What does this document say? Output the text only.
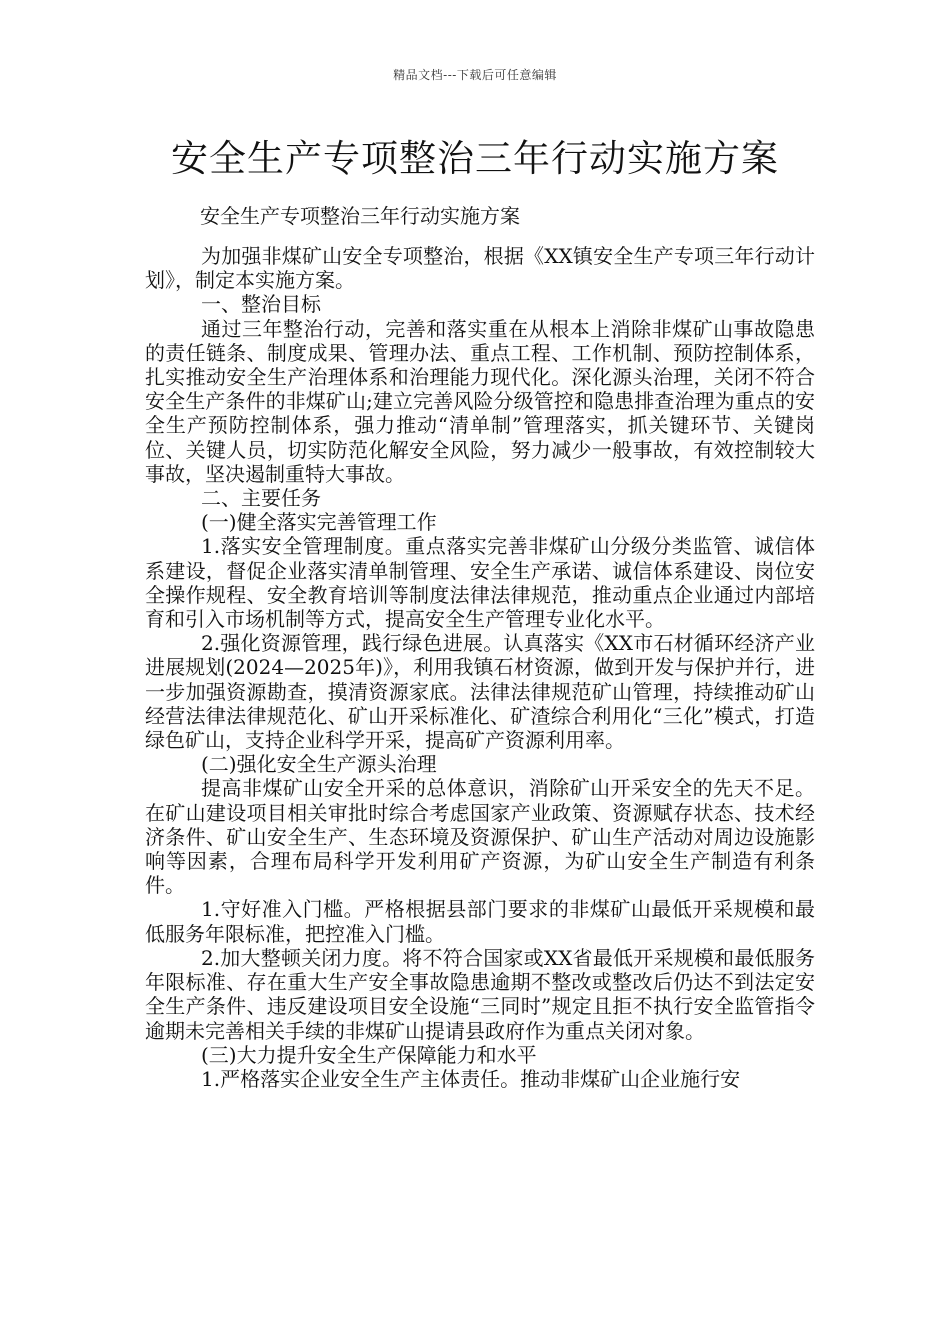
精品文档---下载后可任意编辑
安全生产专项整治三年行动实施方案

安全生产专项整治三年行动实施方案

为加强非煤矿山安全专项整治，根据《XX镇安全生产专项三年行动计划》，制定本实施方案。

一、整治目标

通过三年整治行动，完善和落实重在从根本上消除非煤矿山事故隐患的责任链条、制度成果、管理办法、重点工程、工作机制、预防控制体系，扎实推动安全生产治理体系和治理能力现代化。深化源头治理，关闭不符合安全生产条件的非煤矿山;建立完善风险分级管控和隐患排查治理为重点的安全生产预防控制体系，强力推动“清单制”管理落实，抓关键环节、关键岗位、关键人员，切实防范化解安全风险，努力减少一般事故，有效控制较大事故，坚决遏制重特大事故。

二、主要任务

(一)健全落实完善管理工作

1.落实安全管理制度。重点落实完善非煤矿山分级分类监管、诚信体系建设，督促企业落实清单制管理、安全生产承诺、诚信体系建设、岗位安全操作规程、安全教育培训等制度法律法律规范，推动重点企业通过内部培育和引入市场机制等方式，提高安全生产管理专业化水平。

2.强化资源管理，践行绿色进展。认真落实《XX市石材循环经济产业进展规划(2024—2025年)》，利用我镇石材资源，做到开发与保护并行，进一步加强资源勘查，摸清资源家底。法律法律规范矿山管理，持续推动矿山经营法律法律规范化、矿山开采标准化、矿渣综合利用化“三化”模式，打造绿色矿山，支持企业科学开采，提高矿产资源利用率。

(二)强化安全生产源头治理

提高非煤矿山安全开采的总体意识，消除矿山开采安全的先天不足。在矿山建设项目相关审批时综合考虑国家产业政策、资源赋存状态、技术经济条件、矿山安全生产、生态环境及资源保护、矿山生产活动对周边设施影响等因素，合理布局科学开发利用矿产资源，为矿山安全生产制造有利条件。

1.守好准入门槛。严格根据县部门要求的非煤矿山最低开采规模和最低服务年限标准，把控准入门槛。

2.加大整顿关闭力度。将不符合国家或XX省最低开采规模和最低服务年限标准、存在重大生产安全事故隐患逾期不整改或整改后仍达不到法定安全生产条件、违反建设项目安全设施“三同时”规定且拒不执行安全监管指令逾期未完善相关手续的非煤矿山提请县政府作为重点关闭对象。

(三)大力提升安全生产保障能力和水平

1.严格落实企业安全生产主体责任。推动非煤矿山企业施行安
